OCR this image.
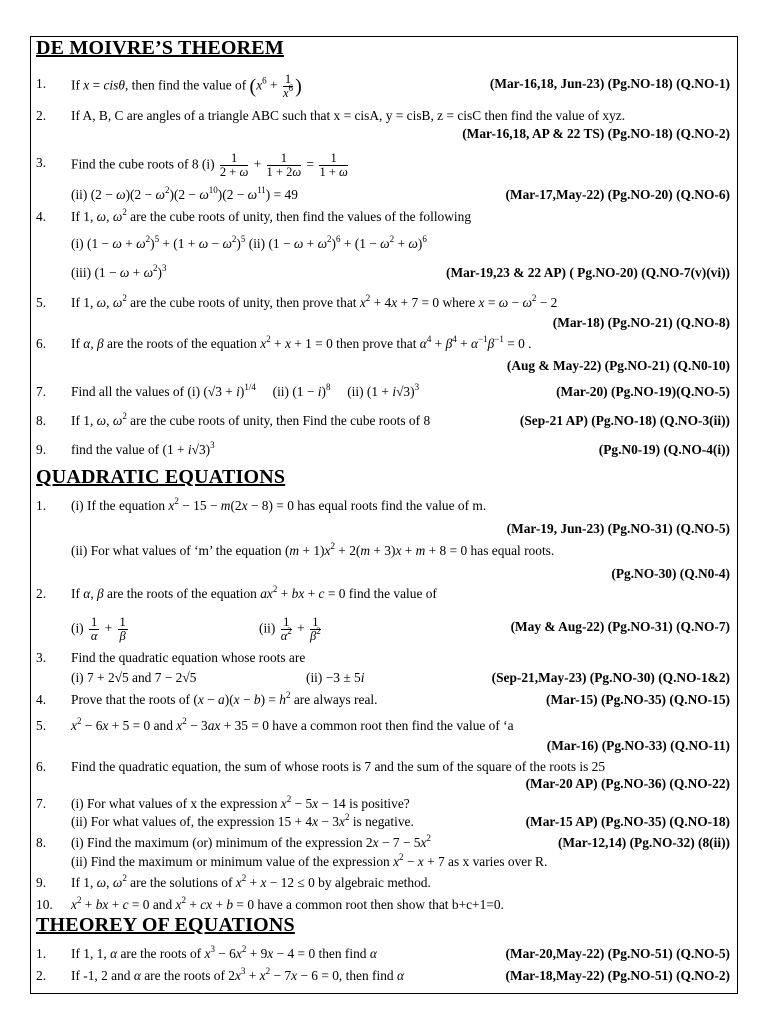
DE MOIVRE’S THEOREM
1. If x = cisθ, then find the value of ($x^6 + \frac{1}{x^6}$ )	(Mar-16,18, Jun-23) (Pg.NO-18) (Q.NO-1)
2. If A, B, C are angles of a triangle ABC such that x = cisA, y = cisB, z = cisC then find the value of xyz.
(Mar-16,18, AP & 22 TS) (Pg.NO-18) (Q.NO-2)
3. Find the cube roots of 8 $(i) \frac{1}{2 + \omega} + \frac{1}{1 + 2\omega} = \frac{1}{1 + \omega}$
(ii) $(2 - \omega)(2 - \omega^2)(2 - \omega^{10})(2 - \omega^{11}) = 49$	(Mar-17,May-22) (Pg.NO-20) (Q.NO-6)
4. If 1, ω, $\omega^2$ are the cube roots of unity, then find the values of the following
(i) $(1 - \omega + \omega^2)^5 + (1 + \omega - \omega^2)^5$ (ii) $(1 - \omega + \omega^2)^6 + (1 - \omega^2 + \omega)^6$
(iii) $(1 - \omega + \omega^2)^3$	(Mar-19,23 & 22 AP) ( Pg.NO-20) (Q.NO-7(v)(vi))
5. If 1, ω, $\omega^2$ are the cube roots of unity, then prove that $x^2 + 4x + 7 = 0$ where $x = \omega - \omega^2 - 2$
(Mar-18) (Pg.NO-21) (Q.NO-8)
6. If α, β are the roots of the equation $x^2 + x + 1 = 0$ then prove that $\alpha^4 + \beta^4 + \alpha^{-1}\beta^{-1} = 0$ .
(Aug & May-22) (Pg.NO-21) (Q.N0-10)
7. Find all the values of (i) $(√3 + i)^{1/4}$ (ii) $(1 - i)^8$ (ii) $(1 + i√3)^3$	(Mar-20) (Pg.NO-19)(Q.NO-5)
8. If 1, ω, $\omega^2$ are the cube roots of unity, then Find the cube roots of 8	(Sep-21 AP) (Pg.NO-18) (Q.NO-3(ii))
9. find the value of $(1 + i√3)^3$	(Pg.N0-19) (Q.NO-4(i))
QUADRATIC EQUATIONS
1. (i) If the equation $x^2 - 15 - m(2x - 8) = 0$ has equal roots find the value of m.
(Mar-19, Jun-23) (Pg.NO-31) (Q.NO-5)
(ii) For what values of ‘m’ the equation $(m + 1)x^2 + 2(m + 3)x + m + 8 = 0$ has equal roots.
(Pg.NO-30) (Q.N0-4)
2. If α, β are the roots of the equation $ax^2$ + bx + c = 0 find the value of
$(i) \frac{1}{\alpha} + \frac{1}{\beta}$	$(ii) \frac{1}{\alpha^2} + \frac{1}{\beta^2}$	(May & Aug-22) (Pg.NO-31) (Q.NO-7)
3. Find the quadratic equation whose roots are
(i) 7 + 2√5 and 7 − 2√5	(ii) −3 ± 5i	(Sep-21,May-23) (Pg.NO-30) (Q.NO-1&2)
4. Prove that the roots of $(x - a)(x - b) = h^2$ are always real.	(Mar-15) (Pg.NO-35) (Q.NO-15)
5. $x^2 - 6x + 5 = 0$ and $x^2 - 3ax + 35 = 0$ have a common root then find the value of ‘a
(Mar-16) (Pg.NO-33) (Q.NO-11)
6. Find the quadratic equation, the sum of whose roots is 7 and the sum of the square of the roots is 25
(Mar-20 AP) (Pg.NO-36) (Q.NO-22)
7. (i) For what values of x the expression $x^2 - 5x - 14$ is positive?
(ii) For what values of, the expression $15 + 4x - 3x^2$ is negative.	(Mar-15 AP) (Pg.NO-35) (Q.NO-18)
8. (i) Find the maximum (or) minimum of the expression $2x - 7 - 5x^2$	(Mar-12,14) (Pg.NO-32) (8(ii))
(ii) Find the maximum or minimum value of the expression $x^2 - x + 7$ as x varies over R.
9. If 1, ω, $\omega^2$ are the solutions of $x^2 + x - 12 \le 0$ by algebraic method.
10. $x^2$ + bx + c = 0 and $x^2$ + cx + b = 0 have a common root then show that b+c+1=0.
THEOREY OF EQUATIONS
1. If 1, 1, α are the roots of $x^3 - 6x^2 + 9x - 4 = 0$ then find α	(Mar-20,May-22) (Pg.NO-51) (Q.NO-5)
2. If -1, 2 and α are the roots of $2x^3 + x^2 - 7x - 6 = 0$, then find α	(Mar-18,May-22) (Pg.NO-51) (Q.NO-2)
